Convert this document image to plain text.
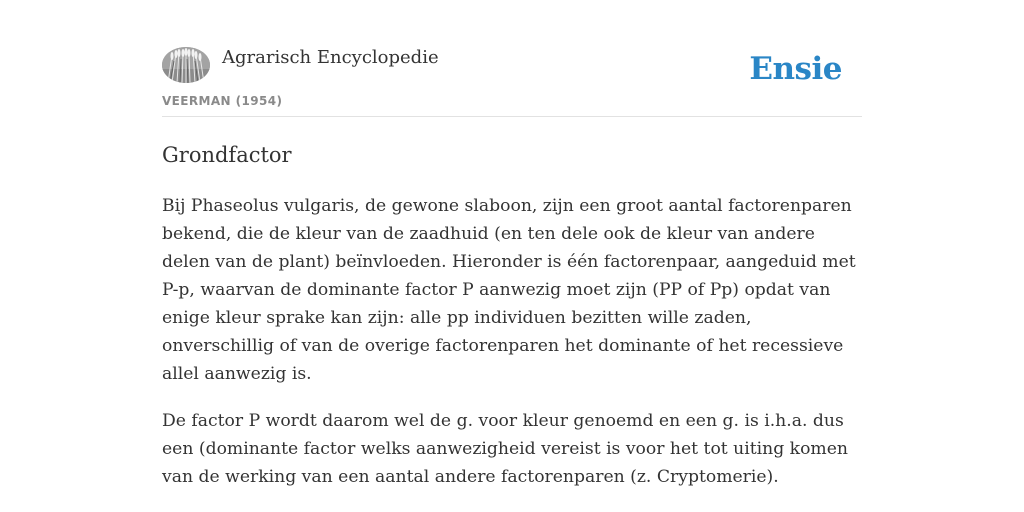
Agrarisch Encyclopedie
VEERMAN (1954)
Ensie
Grondfactor

Bij Phaseolus vulgaris, de gewone slaboon, zijn een groot aantal factorenparen bekend, die de kleur van de zaadhuid (en ten dele ook de kleur van andere delen van de plant) beïnvloeden. Hieronder is één factorenpaar, aangeduid met P-p, waarvan de dominante factor P aanwezig moet zijn (PP of Pp) opdat van enige kleur sprake kan zijn: alle pp individuen bezitten wille zaden, onverschillig of van de overige factorenparen het dominante of het recessieve allel aanwezig is.

De factor P wordt daarom wel de g. voor kleur genoemd en een g. is i.h.a. dus een (dominante factor welks aanwezigheid vereist is voor het tot uiting komen van de werking van een aantal andere factorenparen (z. Cryptomerie).
